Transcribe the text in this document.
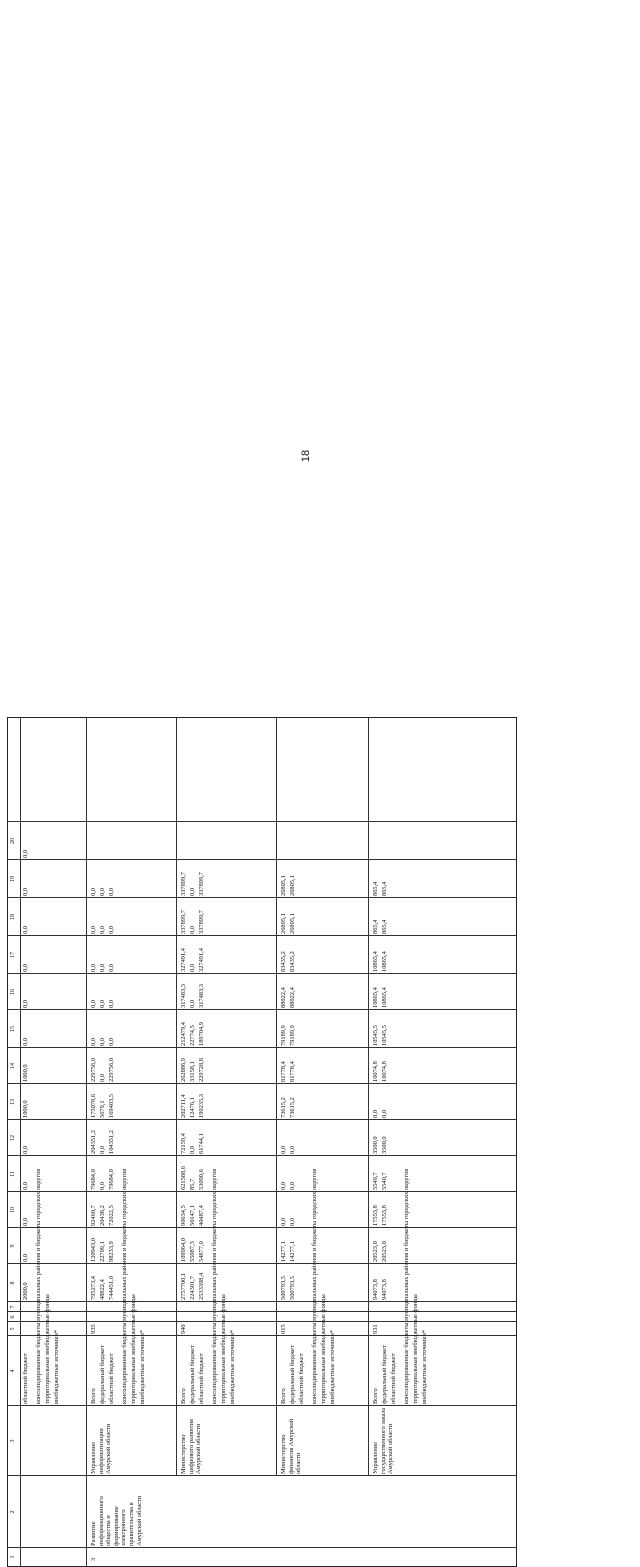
18
1
2
3
4
5
6
7
8
9
10
11
12
13
14
15
16
17
18
19
20
областной бюджет
2000,0
0,0
0,0
0,0
0,0
1000,0
1000,0
0,0
0,0
0,0
0,0
0,0
0,0
консолидированные бюджеты муниципальных районов и бюджеты городских округов территориальные внебюджетные фонды внебюджетные источники*
3
Развитие информационного общества и формирование электронного правительства в Амурской области
Управление информатизации Амурской области
935
Всего федеральный бюджет областной бюджет консолидированные бюджеты муниципальных районов и бюджеты городских округов территориальные внебюджетные фонды внебюджетные источники*
795273,4
120943,0
92460,7
79684,0
204351,2
175078,6
229756,0
0,0
0,0
0,0
0,0
0,0
48822,4
22709,1
20438,2
0,0
0,0
5679,1
0,0
0,0
0,0
0,0
0,0
0,0
744451,0
98233,9
72022,5
79684,0
104351,2
169403,5
229756,0
0,0
0,0
0,0
0,0
0,0
Министерство цифрового развития Амурской области
940
Всего федеральный бюджет областной бюджет консолидированные бюджеты муниципальных районов и бюджеты городских округов территориальные внебюджетные фонды внебюджетные источники*
2757700,1
109964,0
90634,5
621588,6
72159,4
202711,4
262886,9
212479,4
317483,3
327491,4
337899,7
337899,7
224301,7
55087,3
50147,1
85,7
0,0
12476,1
33158,1
22774,5
0,0
0,0
0,0
0,0
2533398,4
54877,0
40487,4
53090,6
61744,1
190235,3
229728,8
189704,9
317483,3
327491,4
337899,7
337899,7
Министерство финансов Амурской области
015
Всего федеральный бюджет областной бюджет консолидированные бюджеты муниципальных районов и бюджеты городских округов территориальные внебюджетные фонды внебюджетные источники*
500793,5
14277,1
0,0
0,0
0,0
73615,2
81778,4
79189,9
88022,4
83435,2
26805,1
26805,1
500793,5
14277,1
0,0
0,0
0,0
73615,2
81778,4
79189,9
88022,4
83435,2
26805,1
26805,1
Управление государственного заказа Амурской области
931
Всего федеральный бюджет областной бюджет консолидированные бюджеты муниципальных районов и бюджеты городских округов территориальные внебюджетные фонды внебюджетные источники*
94073,8
20523,0
17553,8
5540,7
3500,0
0,0
10074,8
10545,5
10865,4
10865,4
865,4
865,4
94073,8
20523,0
17553,8
5540,7
3500,0
0,0
10074,8
10545,5
10865,4
10865,4
865,4
865,4
